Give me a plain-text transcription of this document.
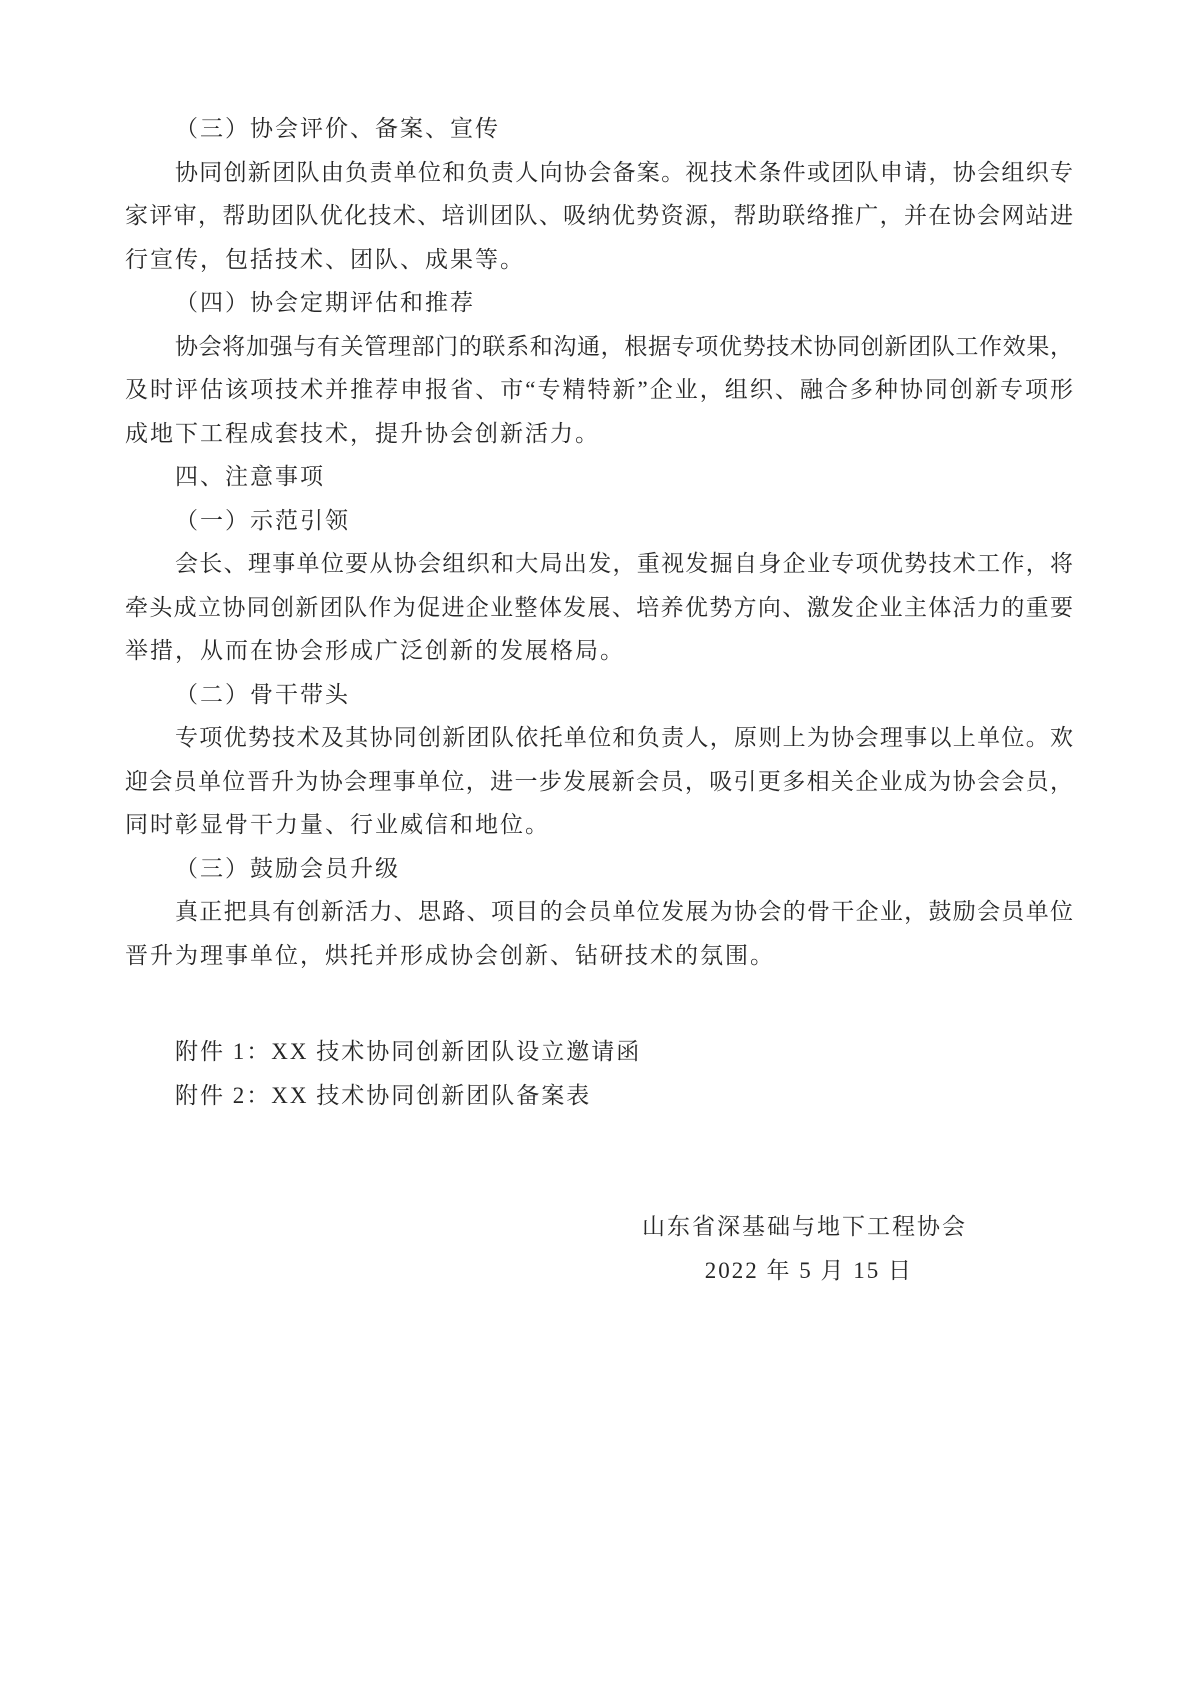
（三）协会评价、备案、宣传
协同创新团队由负责单位和负责人向协会备案。视技术条件或团队申请，协会组织专
家评审，帮助团队优化技术、培训团队、吸纳优势资源，帮助联络推广，并在协会网站进
行宣传，包括技术、团队、成果等。
（四）协会定期评估和推荐
协会将加强与有关管理部门的联系和沟通，根据专项优势技术协同创新团队工作效果，
及时评估该项技术并推荐申报省、市“专精特新”企业，组织、融合多种协同创新专项形
成地下工程成套技术，提升协会创新活力。
四、注意事项
（一）示范引领
会长、理事单位要从协会组织和大局出发，重视发掘自身企业专项优势技术工作，将
牵头成立协同创新团队作为促进企业整体发展、培养优势方向、激发企业主体活力的重要
举措，从而在协会形成广泛创新的发展格局。
（二）骨干带头
专项优势技术及其协同创新团队依托单位和负责人，原则上为协会理事以上单位。欢
迎会员单位晋升为协会理事单位，进一步发展新会员，吸引更多相关企业成为协会会员，
同时彰显骨干力量、行业威信和地位。
（三）鼓励会员升级
真正把具有创新活力、思路、项目的会员单位发展为协会的骨干企业，鼓励会员单位
晋升为理事单位，烘托并形成协会创新、钻研技术的氛围。
附件 1：XX 技术协同创新团队设立邀请函
附件 2：XX 技术协同创新团队备案表
山东省深基础与地下工程协会
2022 年 5 月 15 日
